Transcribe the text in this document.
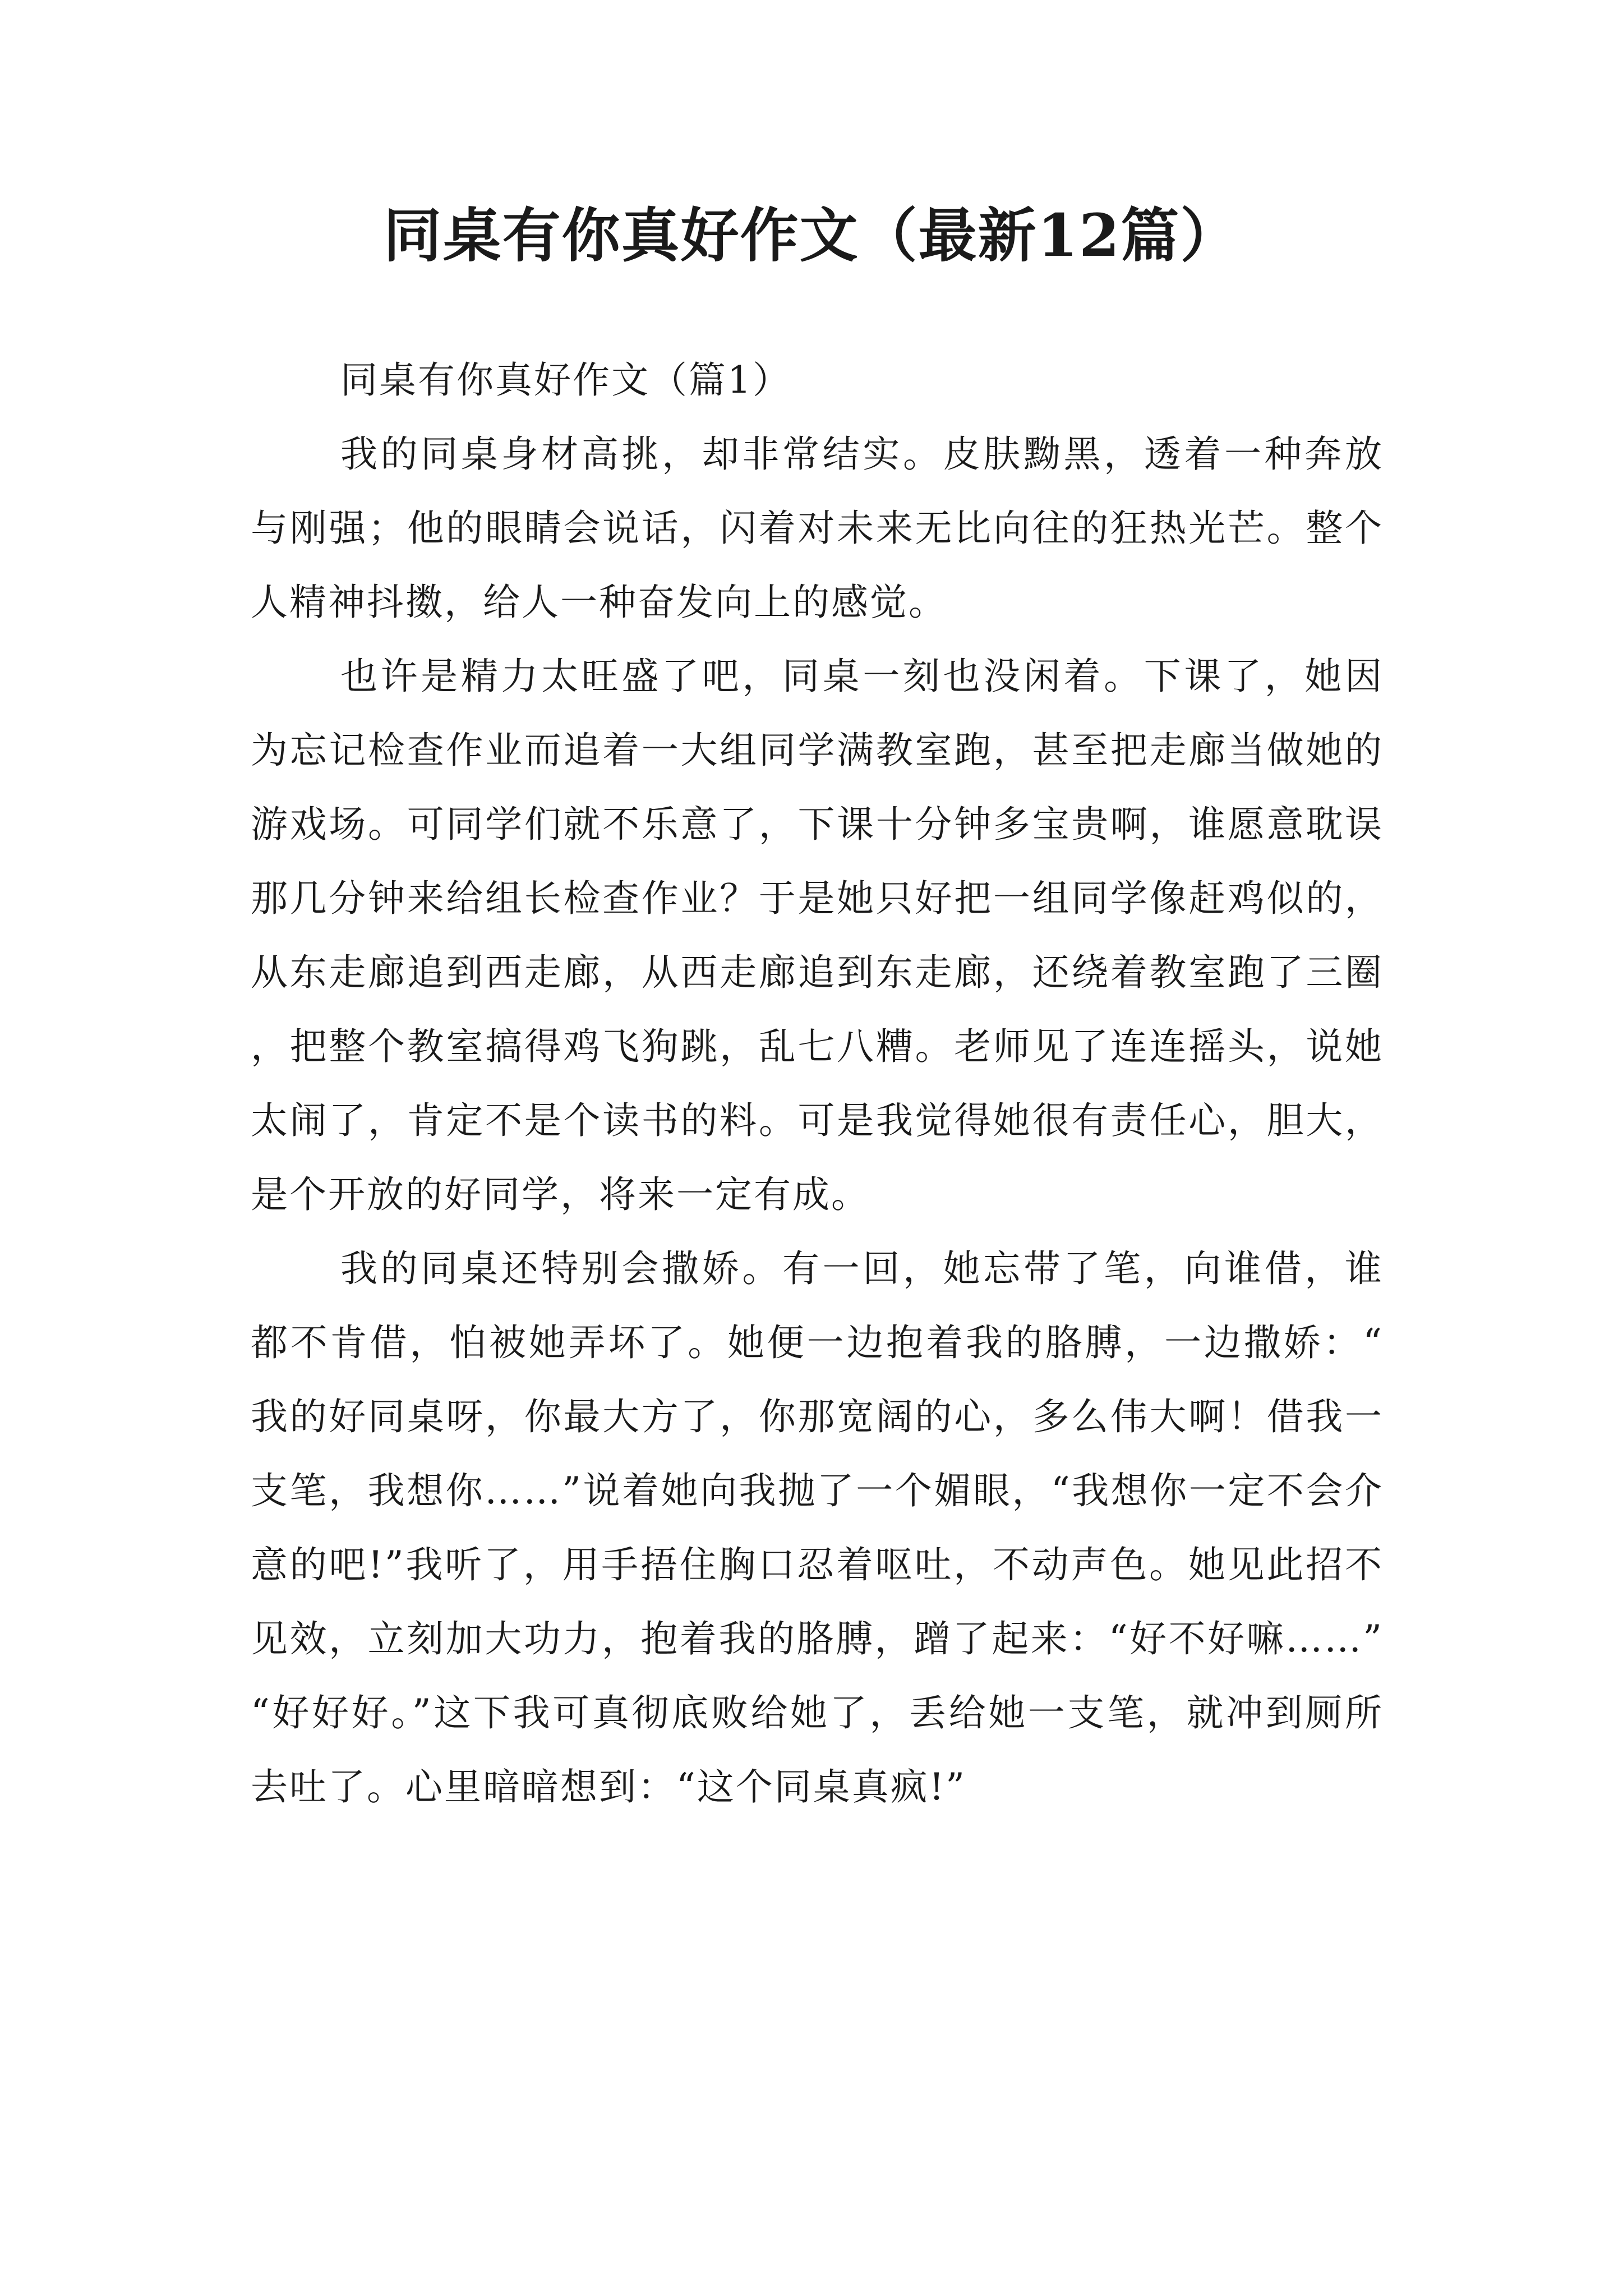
同桌有你真好作文（最新12篇）
同桌有你真好作文（篇1）

我的同桌身材高挑，却非常结实。皮肤黝黑，透着一种奔放与刚强；他的眼睛会说话，闪着对未来无比向往的狂热光芒。整个人精神抖擞，给人一种奋发向上的感觉。

也许是精力太旺盛了吧，同桌一刻也没闲着。下课了，她因为忘记检查作业而追着一大组同学满教室跑，甚至把走廊当做她的游戏场。可同学们就不乐意了，下课十分钟多宝贵啊，谁愿意耽误那几分钟来给组长检查作业？于是她只好把一组同学像赶鸡似的，从东走廊追到西走廊，从西走廊追到东走廊，还绕着教室跑了三圈，把整个教室搞得鸡飞狗跳，乱七八糟。老师见了连连摇头，说她太闹了，肯定不是个读书的料。可是我觉得她很有责任心，胆大，是个开放的好同学，将来一定有成。

我的同桌还特别会撒娇。有一回，她忘带了笔，向谁借，谁都不肯借，怕被她弄坏了。她便一边抱着我的胳膊，一边撒娇：“我的好同桌呀，你最大方了，你那宽阔的心，多么伟大啊！借我一支笔，我想你……”说着她向我抛了一个媚眼，“我想你一定不会介意的吧!”我听了，用手捂住胸口忍着呕吐，不动声色。她见此招不见效，立刻加大功力，抱着我的胳膊，蹭了起来：“好不好嘛……”“好好好。”这下我可真彻底败给她了，丢给她一支笔，就冲到厕所去吐了。心里暗暗想到：“这个同桌真疯!”
